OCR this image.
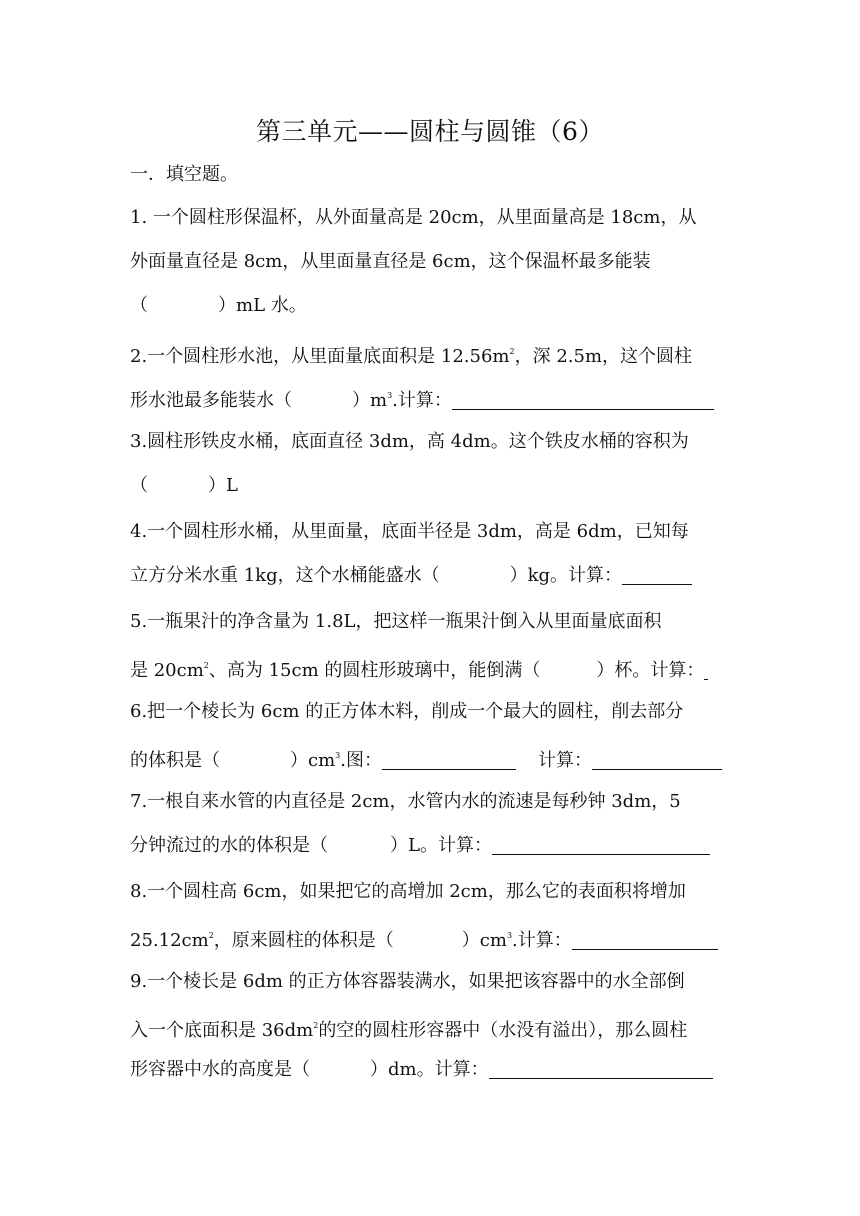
第三单元——圆柱与圆锥（6）
一．填空题。
1. 一个圆柱形保温杯，从外面量高是 20cm，从里面量高是 18cm，从
外面量直径是 8cm，从里面量直径是 6cm，这个保温杯最多能装
（	）mL 水。
2.一个圆柱形水池，从里面量底面积是 $12.56m^2$，深 2.5m，这个圆柱
形水池最多能装水（	）$m^3$.计算：
3.圆柱形铁皮水桶，底面直径 3dm，高 4dm。这个铁皮水桶的容积为
（	）L
4.一个圆柱形水桶，从里面量，底面半径是 3dm，高是 6dm，已知每
立方分米水重 1kg，这个水桶能盛水（	）kg。计算：
5.一瓶果汁的净含量为 1.8L，把这样一瓶果汁倒入从里面量底面积
是 $20cm^2$、高为 15cm 的圆柱形玻璃中，能倒满（	）杯。计算：
6.把一个棱长为 6cm 的正方体木料，削成一个最大的圆柱，削去部分
的体积是（	）$cm^3$.图：	计算：
7.一根自来水管的内直径是 2cm，水管内水的流速是每秒钟 3dm，5
分钟流过的水的体积是（	）L。计算：
8.一个圆柱高 6cm，如果把它的高增加 2cm，那么它的表面积将增加
$25.12cm^2$，原来圆柱的体积是（	）$cm^3$.计算：
9.一个棱长是 6dm 的正方体容器装满水，如果把该容器中的水全部倒
入一个底面积是 $36dm^2$的空的圆柱形容器中（水没有溢出），那么圆柱
形容器中水的高度是（	）dm。计算：
